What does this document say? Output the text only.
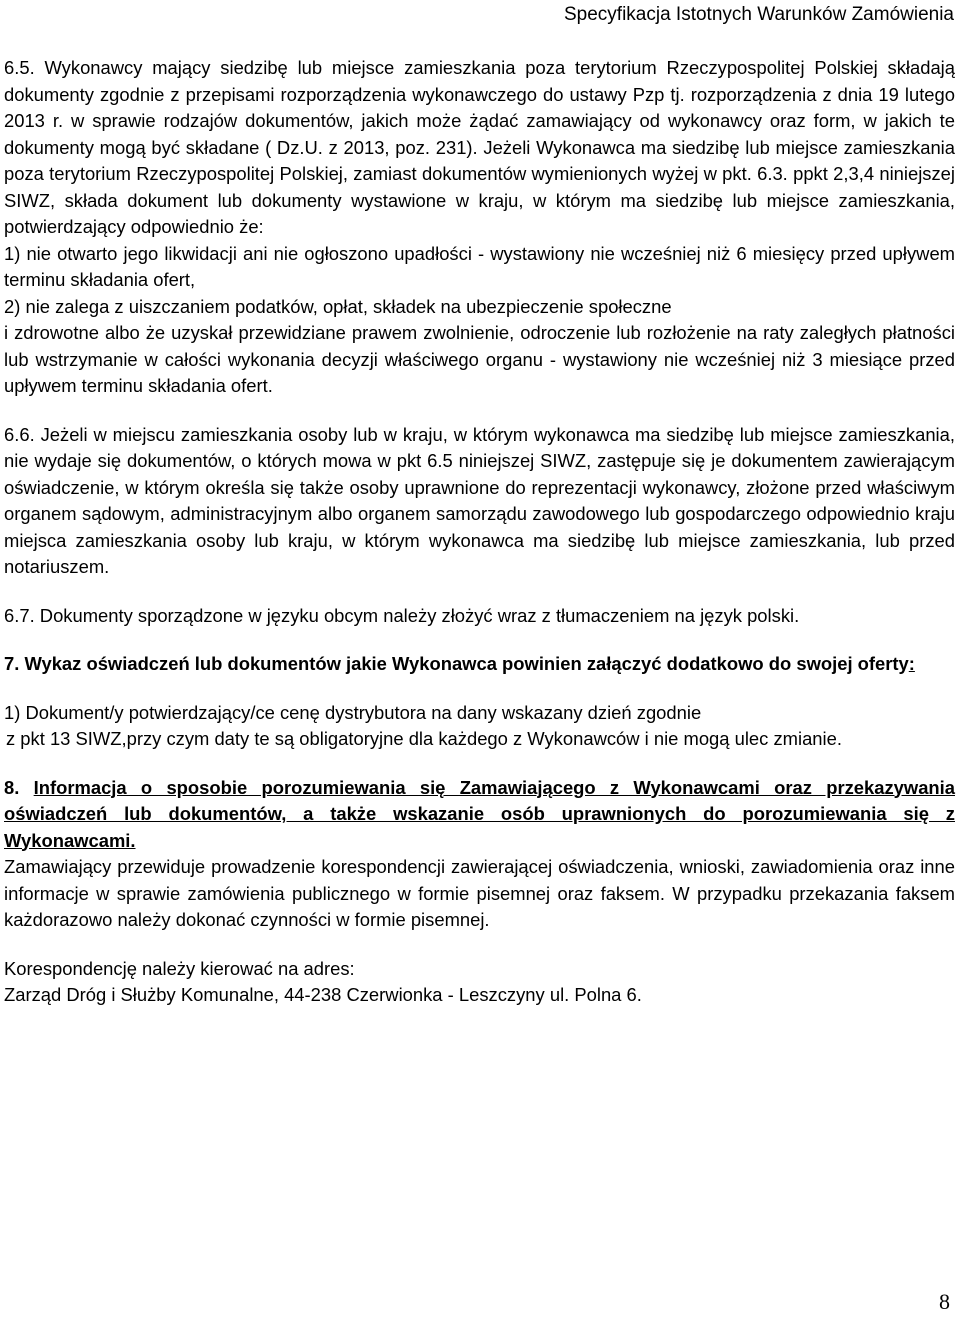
Specyfikacja Istotnych Warunków Zamówienia

6.5. Wykonawcy mający siedzibę lub miejsce zamieszkania poza terytorium Rzeczypospolitej Polskiej składają dokumenty zgodnie z przepisami rozporządzenia wykonawczego do ustawy Pzp tj. rozporządzenia z dnia 19 lutego 2013 r. w sprawie rodzajów dokumentów, jakich może żądać zamawiający od wykonawcy oraz form, w jakich te dokumenty mogą być składane ( Dz.U. z 2013, poz. 231). Jeżeli Wykonawca ma siedzibę lub miejsce zamieszkania poza terytorium Rzeczypospolitej Polskiej, zamiast dokumentów wymienionych wyżej w pkt. 6.3. ppkt 2,3,4 niniejszej SIWZ, składa dokument lub dokumenty wystawione w kraju, w którym ma siedzibę lub miejsce zamieszkania, potwierdzający odpowiednio że:

1) nie otwarto jego likwidacji ani nie ogłoszono upadłości - wystawiony nie wcześniej niż 6 miesięcy przed upływem terminu składania ofert,

2) nie zalega z uiszczaniem podatków, opłat, składek na ubezpieczenie społeczne

i zdrowotne albo że uzyskał przewidziane prawem zwolnienie, odroczenie lub rozłożenie na raty zaległych płatności lub wstrzymanie w całości wykonania decyzji właściwego organu - wystawiony nie wcześniej niż 3 miesiące przed upływem terminu składania ofert.

6.6. Jeżeli w miejscu zamieszkania osoby lub w kraju, w którym wykonawca ma siedzibę lub miejsce zamieszkania, nie wydaje się dokumentów, o których mowa w pkt 6.5 niniejszej SIWZ, zastępuje się je dokumentem zawierającym oświadczenie, w którym określa się także osoby uprawnione do reprezentacji wykonawcy, złożone przed właściwym organem sądowym, administracyjnym albo organem samorządu zawodowego lub gospodarczego odpowiednio kraju miejsca zamieszkania osoby lub kraju, w którym wykonawca ma siedzibę lub miejsce zamieszkania, lub przed notariuszem.

6.7. Dokumenty sporządzone w języku obcym należy złożyć wraz z tłumaczeniem na język polski.

7. Wykaz oświadczeń lub dokumentów jakie Wykonawca powinien załączyć dodatkowo do swojej oferty:

1) Dokument/y potwierdzający/ce cenę dystrybutora na dany wskazany dzień zgodnie

z pkt 13 SIWZ,przy czym daty te są obligatoryjne dla każdego z Wykonawców i nie mogą ulec zmianie.

8. Informacja o sposobie porozumiewania się Zamawiającego z Wykonawcami oraz przekazywania oświadczeń lub dokumentów, a także wskazanie osób uprawnionych do porozumiewania się z Wykonawcami.

Zamawiający przewiduje prowadzenie korespondencji zawierającej oświadczenia, wnioski, zawiadomienia oraz inne informacje w sprawie zamówienia publicznego w formie pisemnej oraz faksem. W przypadku przekazania faksem każdorazowo należy dokonać czynności w formie pisemnej.

Korespondencję należy kierować na adres:

Zarząd Dróg i Służby Komunalne, 44-238 Czerwionka - Leszczyny ul. Polna 6.

8
